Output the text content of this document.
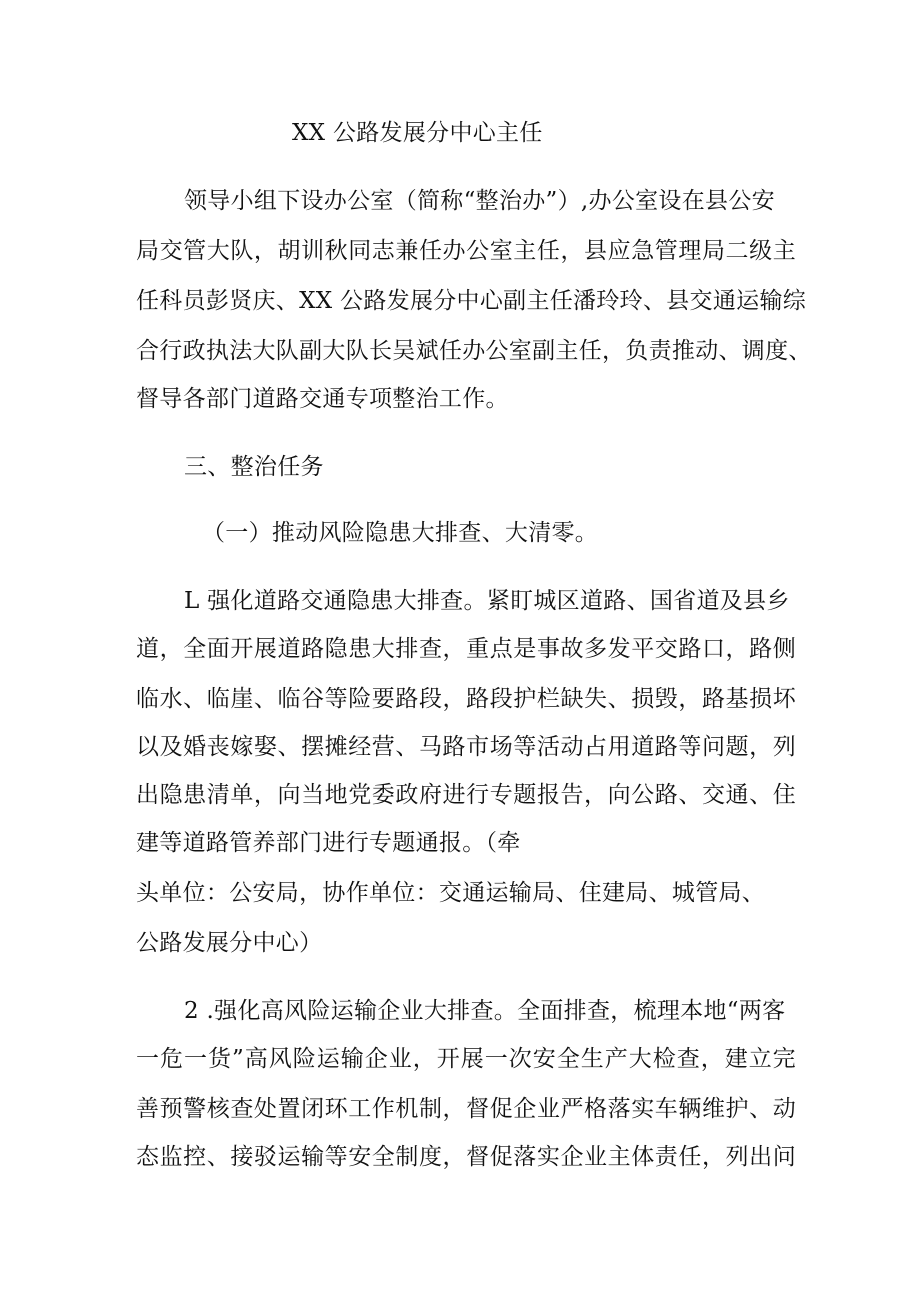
XX 公路发展分中心主任
领导小组下设办公室（简称“整治办”）,办公室设在县公安
局交管大队，胡训秋同志兼任办公室主任，县应急管理局二级主
任科员彭贤庆、XX 公路发展分中心副主任潘玲玲、县交通运输综
合行政执法大队副大队长吴斌任办公室副主任，负责推动、调度、
督导各部门道路交通专项整治工作。
三、整治任务
（一）推动风险隐患大排查、大清零。
L 强化道路交通隐患大排查。紧盯城区道路、国省道及县乡
道，全面开展道路隐患大排查，重点是事故多发平交路口，路侧
临水、临崖、临谷等险要路段，路段护栏缺失、损毁，路基损坏
以及婚丧嫁娶、摆摊经营、马路市场等活动占用道路等问题，列
出隐患清单，向当地党委政府进行专题报告，向公路、交通、住
建等道路管养部门进行专题通报。（牵
头单位：公安局，协作单位：交通运输局、住建局、城管局、
公路发展分中心）
2 .强化高风险运输企业大排查。全面排查，梳理本地“两客
一危一货”高风险运输企业，开展一次安全生产大检查，建立完
善预警核查处置闭环工作机制，督促企业严格落实车辆维护、动
态监控、接驳运输等安全制度，督促落实企业主体责任，列出问
